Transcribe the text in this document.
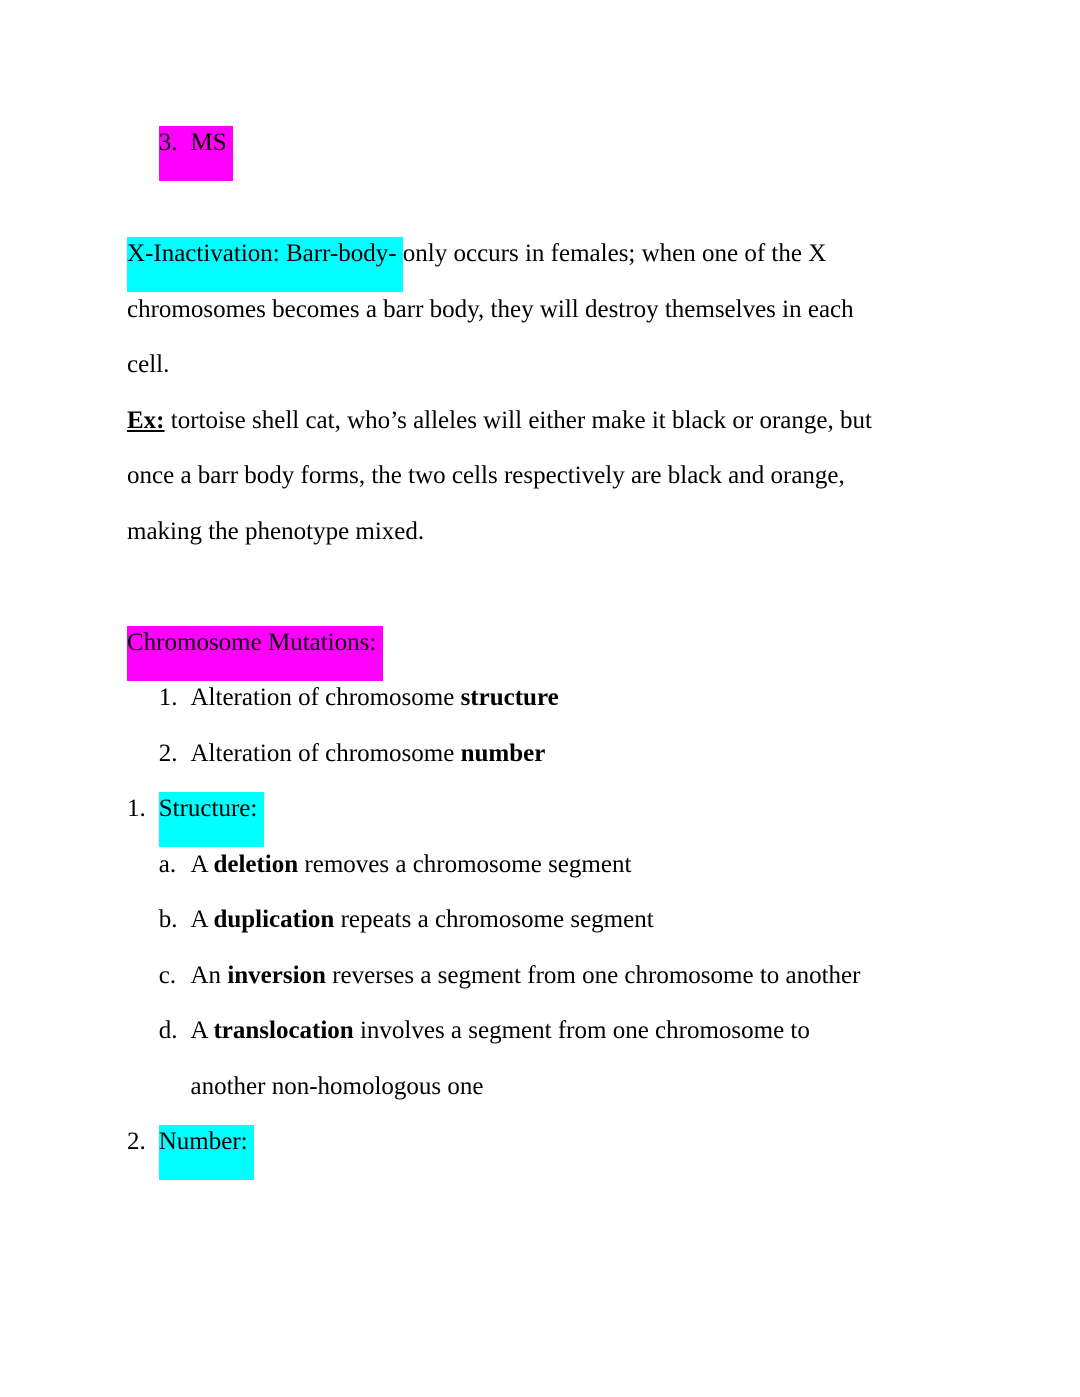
3. MS
X-Inactivation: Barr-body- only occurs in females; when one of the X
chromosomes becomes a barr body, they will destroy themselves in each
cell.
Ex: tortoise shell cat, who’s alleles will either make it black or orange, but
once a barr body forms, the two cells respectively are black and orange,
making the phenotype mixed.
Chromosome Mutations:
1. Alteration of chromosome structure
2. Alteration of chromosome number
1. Structure:
a. A deletion removes a chromosome segment
b. A duplication repeats a chromosome segment
c. An inversion reverses a segment from one chromosome to another
d. A translocation involves a segment from one chromosome to
another non-homologous one
2. Number:
